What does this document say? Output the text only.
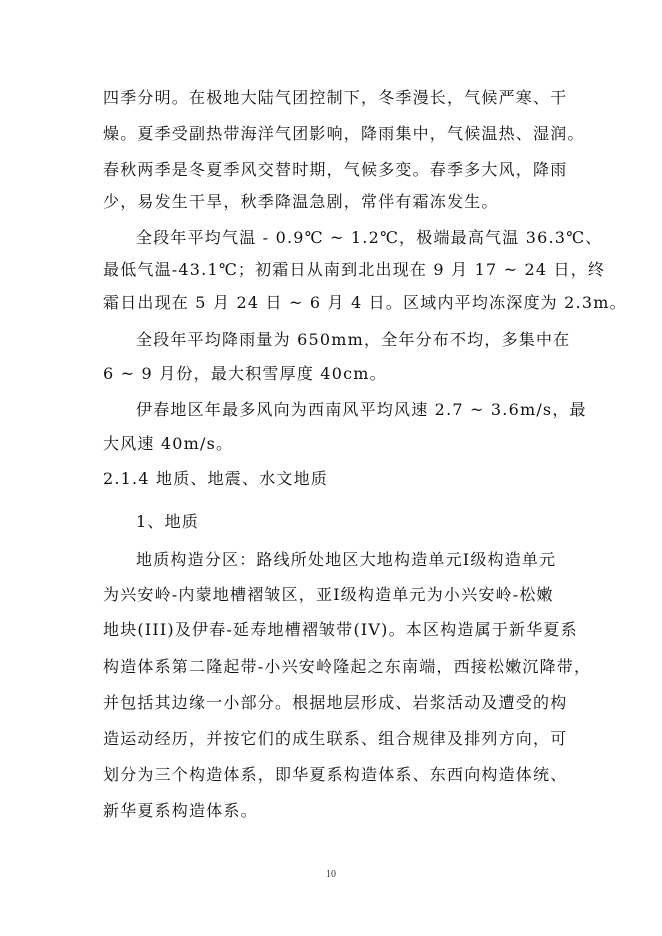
四季分明。在极地大陆气团控制下，冬季漫长，气候严寒、干
燥。夏季受副热带海洋气团影响，降雨集中，气候温热、湿润。
春秋两季是冬夏季风交替时期，气候多变。春季多大风，降雨
少，易发生干旱，秋季降温急剧，常伴有霜冻发生。
全段年平均气温 - 0.9℃ ~ 1.2℃，极端最高气温 36.3℃、
最低气温-43.1℃；初霜日从南到北出现在 9 月 17 ~ 24 日，终
霜日出现在 5 月 24 日 ~ 6 月 4 日。区域内平均冻深度为 2.3m。
全段年平均降雨量为 650mm，全年分布不均，多集中在
6 ~ 9 月份，最大积雪厚度 40cm。
伊春地区年最多风向为西南风平均风速 2.7 ~ 3.6m/s，最
大风速 40m/s。
2.1.4 地质、地震、水文地质
1、地质
地质构造分区：路线所处地区大地构造单元Ⅰ级构造单元
为兴安岭-内蒙地槽褶皱区，亚Ⅰ级构造单元为小兴安岭-松嫩
地块(III)及伊春-延寿地槽褶皱带(IV)。本区构造属于新华夏系
构造体系第二隆起带-小兴安岭隆起之东南端，西接松嫩沉降带，
并包括其边缘一小部分。根据地层形成、岩浆活动及遭受的构
造运动经历，并按它们的成生联系、组合规律及排列方向，可
划分为三个构造体系，即华夏系构造体系、东西向构造体统、
新华夏系构造体系。
10
